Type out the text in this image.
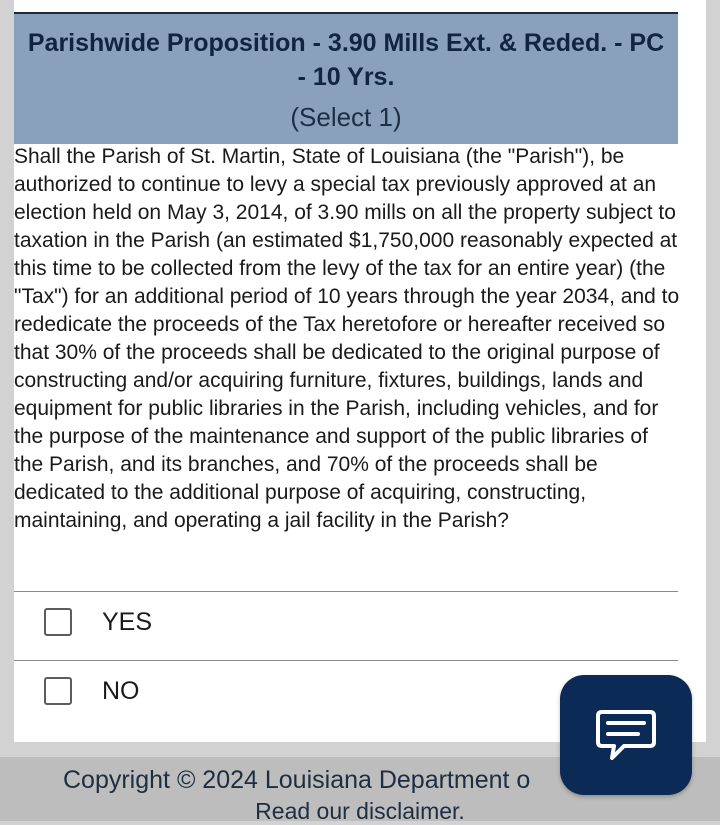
Parishwide Proposition - 3.90 Mills Ext. & Reded. - PC - 10 Yrs.
(Select 1)

Shall the Parish of St. Martin, State of Louisiana (the "Parish"), be authorized to continue to levy a special tax previously approved at an election held on May 3, 2014, of 3.90 mills on all the property subject to taxation in the Parish (an estimated $1,750,000 reasonably expected at this time to be collected from the levy of the tax for an entire year) (the "Tax") for an additional period of 10 years through the year 2034, and to rededicate the proceeds of the Tax heretofore or hereafter received so that 30% of the proceeds shall be dedicated to the original purpose of constructing and/or acquiring furniture, fixtures, buildings, lands and equipment for public libraries in the Parish, including vehicles, and for the purpose of the maintenance and support of the public libraries of the Parish, and its branches, and 70% of the proceeds shall be dedicated to the additional purpose of acquiring, constructing, maintaining, and operating a jail facility in the Parish?

YES
NO
Copyright © 2024 Louisiana Department o
Read our disclaimer.
